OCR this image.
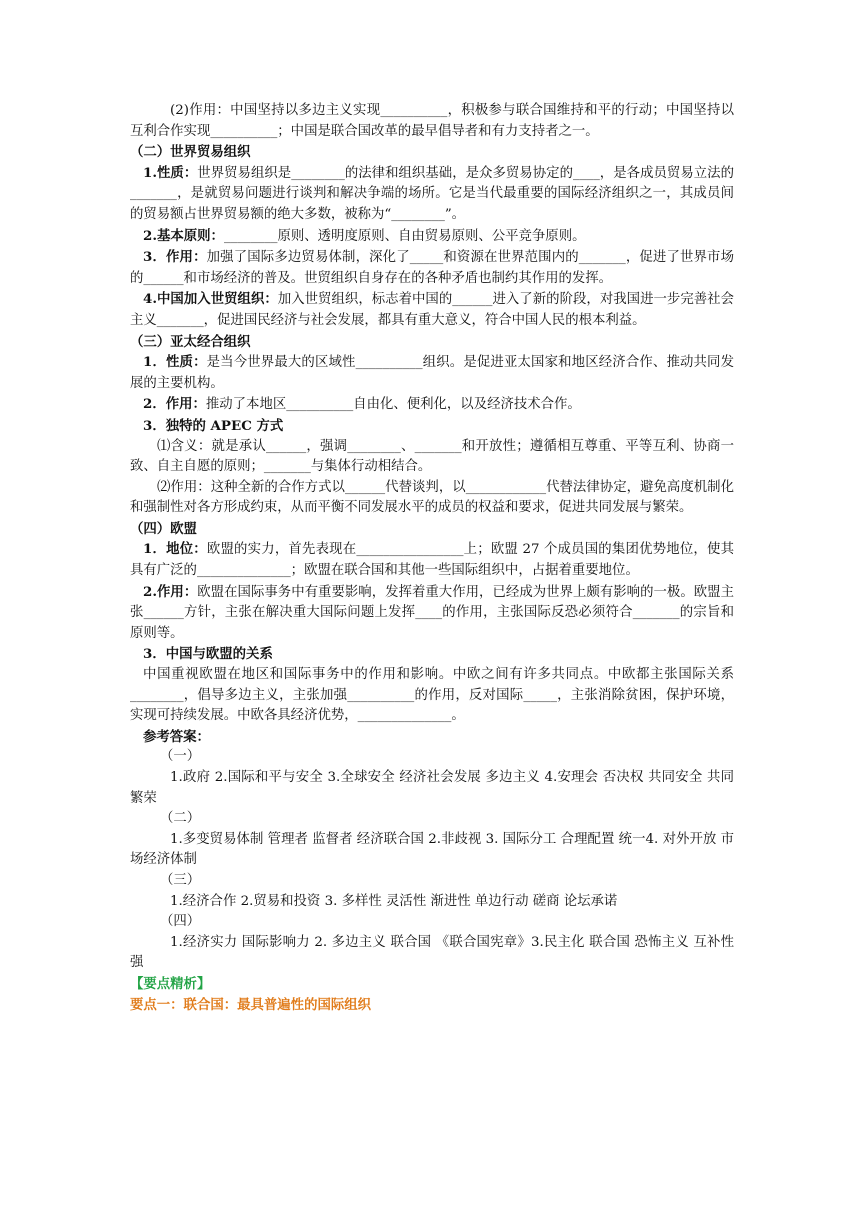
(2)作用：中国坚持以多边主义实现__________，积极参与联合国维持和平的行动；中国坚持以互利合作实现__________；中国是联合国改革的最早倡导者和有力支持者之一。

（二）世界贸易组织

1.性质：世界贸易组织是________的法律和组织基础，是众多贸易协定的____，是各成员贸易立法的_______，是就贸易问题进行谈判和解决争端的场所。它是当代最重要的国际经济组织之一，其成员间的贸易额占世界贸易额的绝大多数，被称为“________”。

2.基本原则：________原则、透明度原则、自由贸易原则、公平竞争原则。

3．作用：加强了国际多边贸易体制，深化了_____和资源在世界范围内的_______，促进了世界市场的______和市场经济的普及。世贸组织自身存在的各种矛盾也制约其作用的发挥。

4.中国加入世贸组织：加入世贸组织，标志着中国的______进入了新的阶段，对我国进一步完善社会主义_______，促进国民经济与社会发展，都具有重大意义，符合中国人民的根本利益。

（三）亚太经合组织

1．性质：是当今世界最大的区域性__________组织。是促进亚太国家和地区经济合作、推动共同发展的主要机构。

2．作用：推动了本地区__________自由化、便利化，以及经济技术合作。

3．独特的 APEC 方式

⑴含义：就是承认______，强调________、_______和开放性；遵循相互尊重、平等互利、协商一致、自主自愿的原则；_______与集体行动相结合。

⑵作用：这种全新的合作方式以______代替谈判，以____________代替法律协定，避免高度机制化和强制性对各方形成约束，从而平衡不同发展水平的成员的权益和要求，促进共同发展与繁荣。

（四）欧盟

1．地位：欧盟的实力，首先表现在________________上；欧盟 27 个成员国的集团优势地位，使其具有广泛的______________；欧盟在联合国和其他一些国际组织中，占据着重要地位。

2.作用：欧盟在国际事务中有重要影响，发挥着重大作用，已经成为世界上颇有影响的一极。欧盟主张______方针，主张在解决重大国际问题上发挥____的作用，主张国际反恐必须符合_______的宗旨和原则等。

3．中国与欧盟的关系

中国重视欧盟在地区和国际事务中的作用和影响。中欧之间有许多共同点。中欧都主张国际关系________，倡导多边主义，主张加强__________的作用，反对国际_____，主张消除贫困，保护环境，实现可持续发展。中欧各具经济优势，______________。

参考答案：

（一）

1.政府 2.国际和平与安全 3.全球安全 经济社会发展 多边主义 4.安理会 否决权 共同安全 共同繁荣

（二）

1.多变贸易体制 管理者 监督者 经济联合国 2.非歧视 3. 国际分工 合理配置 统一4. 对外开放 市场经济体制

（三）

1.经济合作 2.贸易和投资 3. 多样性 灵活性 渐进性 单边行动 磋商 论坛承诺

（四）

1.经济实力 国际影响力 2. 多边主义 联合国 《联合国宪章》3.民主化 联合国 恐怖主义 互补性强

【要点精析】

要点一：联合国：最具普遍性的国际组织
